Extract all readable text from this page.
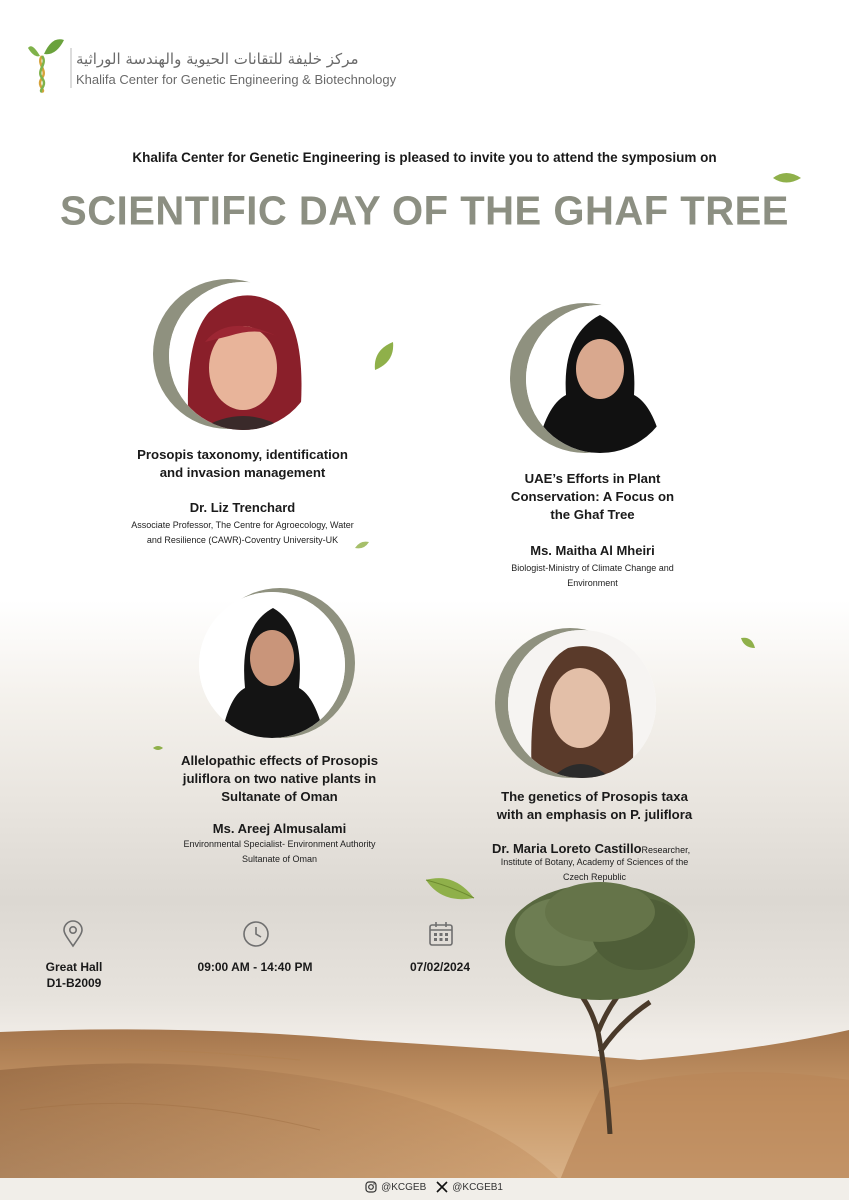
مركز خليفة للتقانات الحيوية والهندسة الوراثية
Khalifa Center for Genetic Engineering & Biotechnology
Khalifa Center for Genetic Engineering is pleased to invite you to attend the symposium on
SCIENTIFIC DAY OF THE GHAF TREE
Prosopis taxonomy, identification
and invasion management
Dr. Liz Trenchard
Associate Professor, The Centre for Agroecology, Water
and Resilience (CAWR)-Coventry University-UK
UAE’s Efforts in Plant
Conservation: A Focus on
the Ghaf Tree
Ms. Maitha Al Mheiri
Biologist-Ministry of Climate Change and
Environment
Allelopathic effects of Prosopis
juliflora on two native plants in
Sultanate of Oman
Ms. Areej Almusalami
Environmental Specialist- Environment Authority
Sultanate of Oman
The genetics of Prosopis taxa
with an emphasis on P. juliflora
Dr. Maria Loreto CastilloResearcher,
Institute of Botany, Academy of Sciences of the
Czech Republic
Great Hall
D1-B2009
09:00 AM - 14:40 PM	07/02/2024
@KCGEB	@KCGEB1
